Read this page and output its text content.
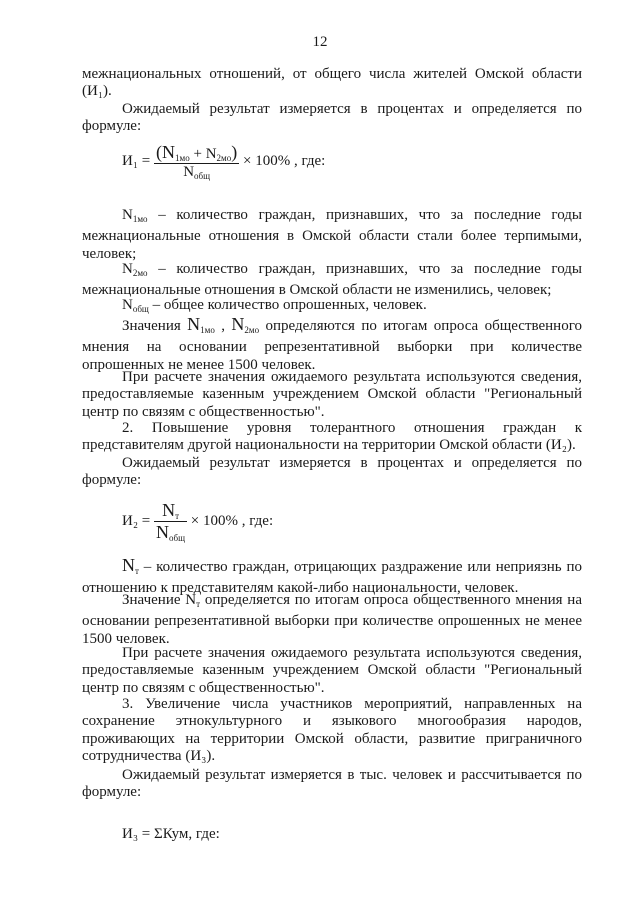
12
межнациональных отношений, от общего числа жителей Омской области (И₁).
Ожидаемый результат измеряется в процентах и определяется по формуле:
$И_1 = \frac{(N_{1мо} + N_{2мо})}{N_{общ}} \times 100\%$ , где:
$N_{1мо}$ – количество граждан, признавших, что за последние годы межнациональные отношения в Омской области стали более терпимыми, человек;
$N_{2мо}$ – количество граждан, признавших, что за последние годы межнациональные отношения в Омской области не изменились, человек;
$N_{общ}$ – общее количество опрошенных, человек.
Значения $N_{1мо}$ , $N_{2мо}$ определяются по итогам опроса общественного мнения на основании репрезентативной выборки при количестве опрошенных не менее 1500 человек.
При расчете значения ожидаемого результата используются сведения, предоставляемые казенным учреждением Омской области "Региональный центр по связям с общественностью".
2. Повышение уровня толерантного отношения граждан к представителям другой национальности на территории Омской области (И₂).
Ожидаемый результат измеряется в процентах и определяется по формуле:
$И_2 = \frac{N_т}{N_{общ}} \times 100\%$ , где:
$N_т$ – количество граждан, отрицающих раздражение или неприязнь по отношению к представителям какой-либо национальности, человек.
Значение $N_т$ определяется по итогам опроса общественного мнения на основании репрезентативной выборки при количестве опрошенных не менее 1500 человек.
При расчете значения ожидаемого результата используются сведения, предоставляемые казенным учреждением Омской области "Региональный центр по связям с общественностью".
3. Увеличение числа участников мероприятий, направленных на сохранение этнокультурного и языкового многообразия народов, проживающих на территории Омской области, развитие приграничного сотрудничества (И₃).
Ожидаемый результат измеряется в тыс. человек и рассчитывается по формуле:
И₃ = ΣКум, где:
